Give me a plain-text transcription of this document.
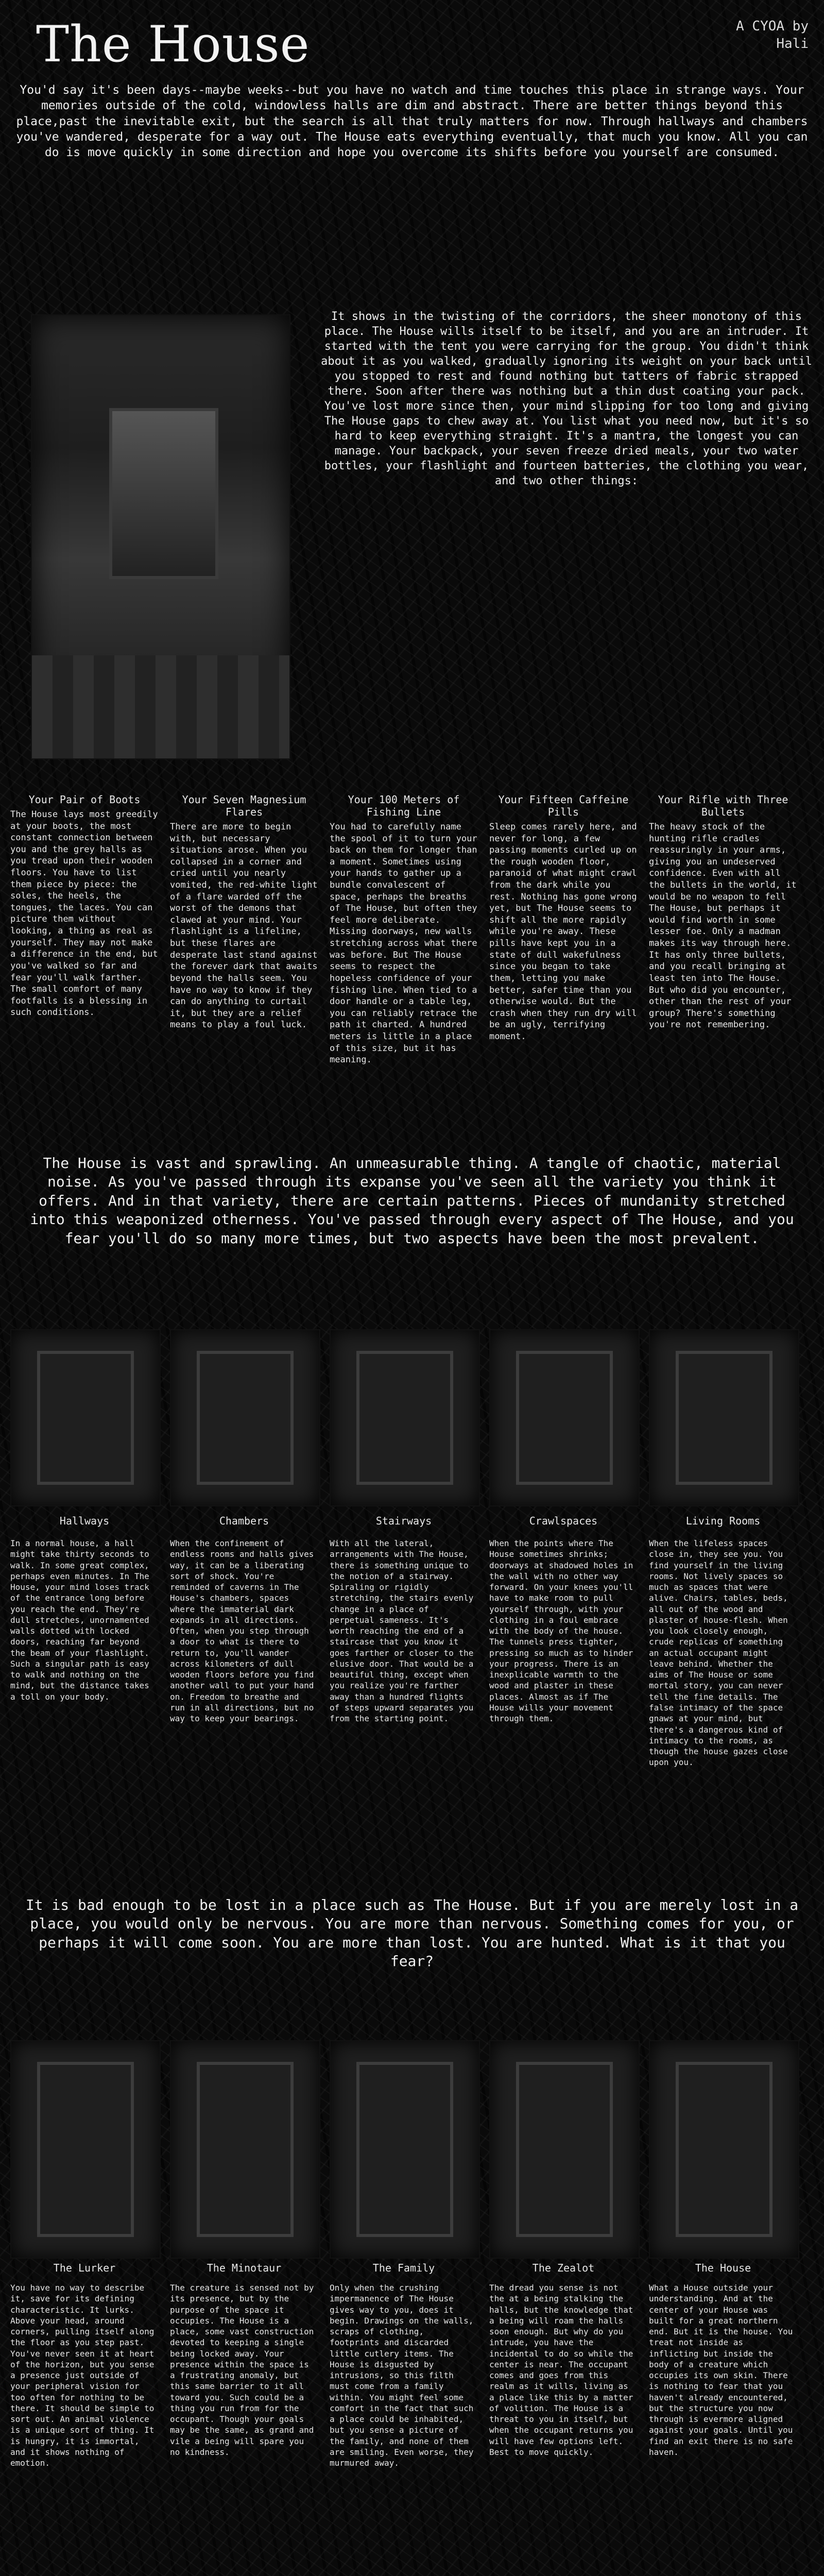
The House	A CYOA by Hali
You'd say it's been days--maybe weeks--but you have no watch and time touches this place in strange ways. Your memories outside of the cold, windowless halls are dim and abstract. There are better things beyond this place,past the inevitable exit, but the search is all that truly matters for now. Through hallways and chambers you've wandered, desperate for a way out. The House eats everything eventually, that much you know. All you can do is move quickly in some direction and hope you overcome its shifts before you yourself are consumed.
It shows in the twisting of the corridors, the sheer monotony of this place. The House wills itself to be itself, and you are an intruder. It started with the tent you were carrying for the group. You didn't think about it as you walked, gradually ignoring its weight on your back until you stopped to rest and found nothing but tatters of fabric strapped there. Soon after there was nothing but a thin dust coating your pack. You've lost more since then, your mind slipping for too long and giving The House gaps to chew away at. You list what you need now, but it's so hard to keep everything straight. It's a mantra, the longest you can manage. Your backpack, your seven freeze dried meals, your two water bottles, your flashlight and fourteen batteries, the clothing you wear, and two other things:
Your Pair of Boots
The House lays most greedily at your boots, the most constant connection between you and the grey halls as you tread upon their wooden floors. You have to list them piece by piece: the soles, the heels, the tongues, the laces. You can picture them without looking, a thing as real as yourself. They may not make a difference in the end, but you've walked so far and fear you'll walk farther. The small comfort of many footfalls is a blessing in such conditions.
Your Seven Magnesium Flares
There are more to begin with, but necessary situations arose. When you collapsed in a corner and cried until you nearly vomited, the red-white light of a flare warded off the worst of the demons that clawed at your mind. Your flashlight is a lifeline, but these flares are desperate last stand against the forever dark that awaits beyond the halls seem. You have no way to know if they can do anything to curtail it, but they are a relief means to play a foul luck.
Your 100 Meters of Fishing Line
You had to carefully name the spool of it to turn your back on them for longer than a moment. Sometimes using your hands to gather up a bundle convalescent of space, perhaps the breaths of The House, but often they feel more deliberate. Missing doorways, new walls stretching across what there was before. But The House seems to respect the hopeless confidence of your fishing line. When tied to a door handle or a table leg, you can reliably retrace the path it charted. A hundred meters is little in a place of this size, but it has meaning.
Your Fifteen Caffeine Pills
Sleep comes rarely here, and never for long, a few passing moments curled up on the rough wooden floor, paranoid of what might crawl from the dark while you rest. Nothing has gone wrong yet, but The House seems to shift all the more rapidly while you're away. These pills have kept you in a state of dull wakefulness since you began to take them, letting you make better, safer time than you otherwise would. But the crash when they run dry will be an ugly, terrifying moment.
Your Rifle with Three Bullets
The heavy stock of the hunting rifle cradles reassuringly in your arms, giving you an undeserved confidence. Even with all the bullets in the world, it would be no weapon to fell The House, but perhaps it would find worth in some lesser foe. Only a madman makes its way through here. It has only three bullets, and you recall bringing at least ten into The House. But who did you encounter, other than the rest of your group? There's something you're not remembering.
The House is vast and sprawling. An unmeasurable thing. A tangle of chaotic, material noise. As you've passed through its expanse you've seen all the variety you think it offers. And in that variety, there are certain patterns. Pieces of mundanity stretched into this weaponized otherness. You've passed through every aspect of The House, and you fear you'll do so many more times, but two aspects have been the most prevalent.
Hallways	Chambers	Stairways	Crawlspaces	Living Rooms
In a normal house, a hall might take thirty seconds to walk. In some great complex, perhaps even minutes. In The House, your mind loses track of the entrance long before you reach the end. They're dull stretches, unornamented walls dotted with locked doors, reaching far beyond the beam of your flashlight. Such a singular path is easy to walk and nothing on the mind, but the distance takes a toll on your body.
When the confinement of endless rooms and halls gives way, it can be a liberating sort of shock. You're reminded of caverns in The House's chambers, spaces where the immaterial dark expands in all directions. Often, when you step through a door to what is there to return to, you'll wander across kilometers of dull wooden floors before you find another wall to put your hand on. Freedom to breathe and run in all directions, but no way to keep your bearings.
With all the lateral, arrangements with The House, there is something unique to the notion of a stairway. Spiraling or rigidly stretching, the stairs evenly change in a place of perpetual sameness. It's worth reaching the end of a staircase that you know it goes farther or closer to the elusive door. That would be a beautiful thing, except when you realize you're farther away than a hundred flights of steps upward separates you from the starting point.
When the points where The House sometimes shrinks; doorways at shadowed holes in the wall with no other way forward. On your knees you'll have to make room to pull yourself through, with your clothing in a foul embrace with the body of the house. The tunnels press tighter, pressing so much as to hinder your progress. There is an inexplicable warmth to the wood and plaster in these places. Almost as if The House wills your movement through them.
When the lifeless spaces close in, they see you. You find yourself in the living rooms. Not lively spaces so much as spaces that were alive. Chairs, tables, beds, all out of the wood and plaster of house-flesh. When you look closely enough, crude replicas of something an actual occupant might leave behind. Whether the aims of The House or some mortal story, you can never tell the fine details. The false intimacy of the space gnaws at your mind, but there's a dangerous kind of intimacy to the rooms, as though the house gazes close upon you.
It is bad enough to be lost in a place such as The House. But if you are merely lost in a place, you would only be nervous. You are more than nervous. Something comes for you, or perhaps it will come soon. You are more than lost. You are hunted. What is it that you fear?
The Lurker	The Minotaur	The Family	The Zealot	The House
You have no way to describe it, save for its defining characteristic. It lurks. Above your head, around corners, pulling itself along the floor as you step past. You've never seen it at heart of the horizon, but you sense a presence just outside of your peripheral vision for too often for nothing to be there. It should be simple to sort out. An animal violence is a unique sort of thing. It is hungry, it is immortal, and it shows nothing of emotion.
The creature is sensed not by its presence, but by the purpose of the space it occupies. The House is a place, some vast construction devoted to keeping a single being locked away. Your presence within the space is a frustrating anomaly, but this same barrier to it all toward you. Such could be a thing you run from for the occupant. Though your goals may be the same, as grand and vile a being will spare you no kindness.
Only when the crushing impermanence of The House gives way to you, does it begin. Drawings on the walls, scraps of clothing, footprints and discarded little cutlery items. The House is disgusted by intrusions, so this filth must come from a family within. You might feel some comfort in the fact that such a place could be inhabited, but you sense a picture of the family, and none of them are smiling. Even worse, they murmured away.
The dread you sense is not the at a being stalking the halls, but the knowledge that a being will roam the halls soon enough. But why do you intrude, you have the incidental to do so while the center is near. The occupant comes and goes from this realm as it wills, living as a place like this by a matter of volition. The House is a threat to you in itself, but when the occupant returns you will have few options left. Best to move quickly.
What a House outside your understanding. And at the center of your House was built for a great northern end. But it is the house. You treat not inside as inflicting but inside the body of a creature which occupies its own skin. There is nothing to fear that you haven't already encountered, but the structure you now through is evermore aligned against your goals. Until you find an exit there is no safe haven.
